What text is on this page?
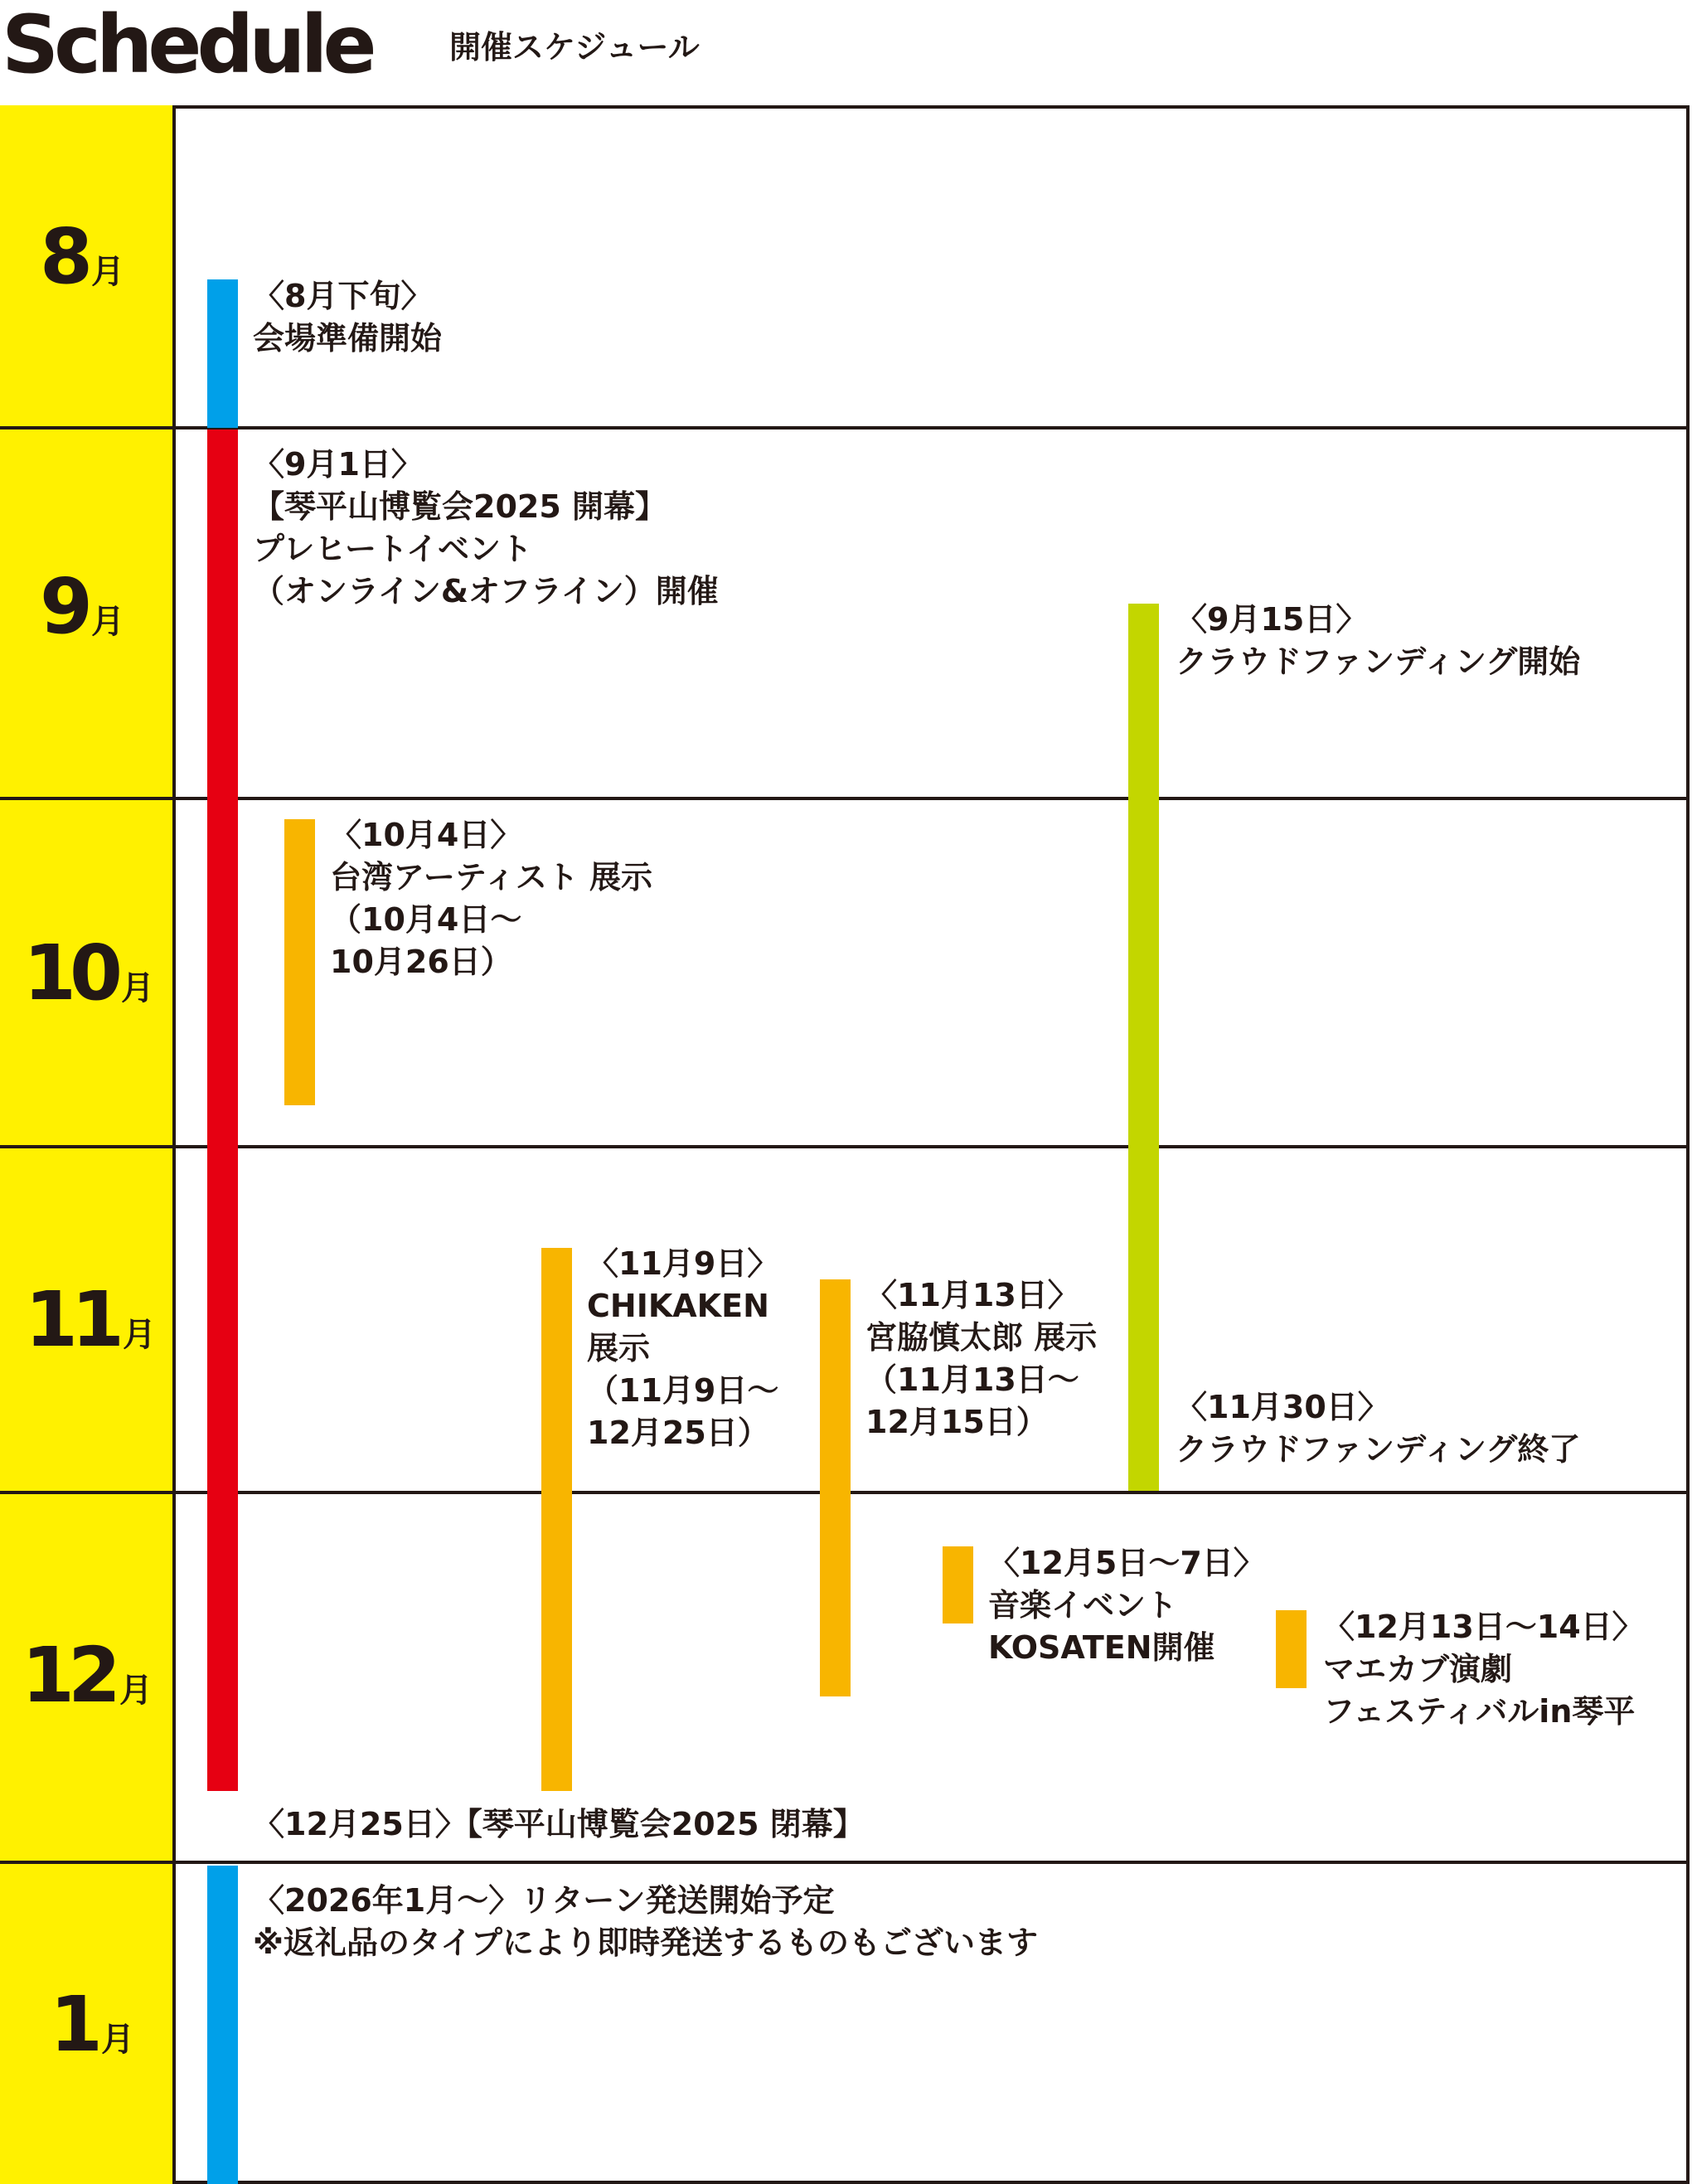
Schedule 開催スケジュール
8 月
9 月
10 月
11 月
12 月
1 月
〈8月下旬〉
会場準備開始
〈9月1日〉
【琴平山博覧会2025 開幕】
プレヒートイベント
（オンライン&オフライン）開催
〈9月15日〉
クラウドファンディング開始
〈10月4日〉
台湾アーティスト 展示
（10月4日〜
10月26日）
〈11月9日〉
CHIKAKEN
展示
（11月9日〜
12月25日）
〈11月13日〉
宮脇慎太郎 展示
（11月13日〜
12月15日）	〈11月30日〉
クラウドファンディング終了
〈12月5日〜7日〉
音楽イベント
KOSATEN開催
〈12月13日〜14日〉
マエカブ演劇
フェスティバルin琴平
〈12月25日〉【琴平山博覧会2025 閉幕】
〈2026年1月〜〉リターン発送開始予定
※返礼品のタイプにより即時発送するものもございます
